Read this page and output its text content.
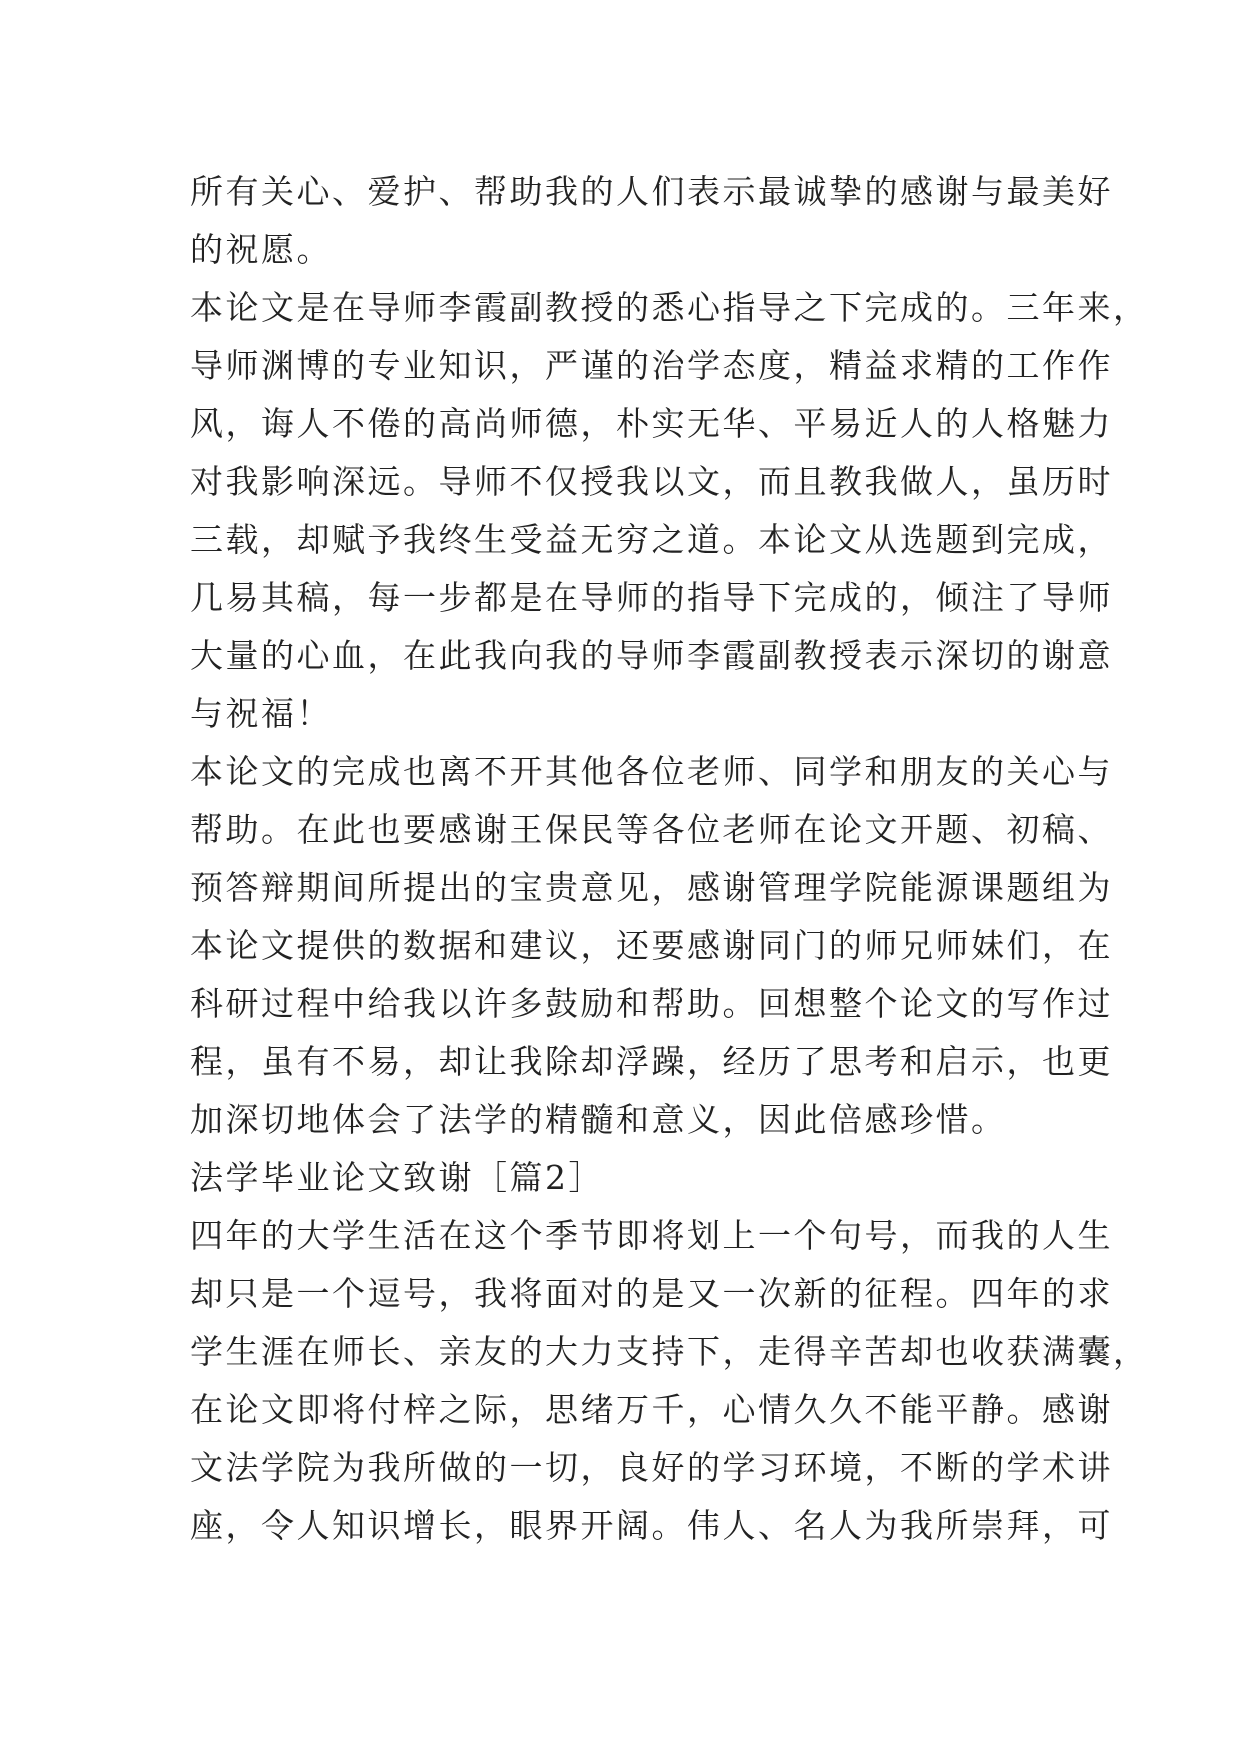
所有关心、爱护、帮助我的人们表示最诚挚的感谢与最美好
的祝愿。
本论文是在导师李霞副教授的悉心指导之下完成的。三年来，
导师渊博的专业知识，严谨的治学态度，精益求精的工作作
风，诲人不倦的高尚师德，朴实无华、平易近人的人格魅力
对我影响深远。导师不仅授我以文，而且教我做人，虽历时
三载，却赋予我终生受益无穷之道。本论文从选题到完成，
几易其稿，每一步都是在导师的指导下完成的，倾注了导师
大量的心血，在此我向我的导师李霞副教授表示深切的谢意
与祝福！
本论文的完成也离不开其他各位老师、同学和朋友的关心与
帮助。在此也要感谢王保民等各位老师在论文开题、初稿、
预答辩期间所提出的宝贵意见，感谢管理学院能源课题组为
本论文提供的数据和建议，还要感谢同门的师兄师妹们，在
科研过程中给我以许多鼓励和帮助。回想整个论文的写作过
程，虽有不易，却让我除却浮躁，经历了思考和启示，也更
加深切地体会了法学的精髓和意义，因此倍感珍惜。
法学毕业论文致谢［篇2］
四年的大学生活在这个季节即将划上一个句号，而我的人生
却只是一个逗号，我将面对的是又一次新的征程。四年的求
学生涯在师长、亲友的大力支持下，走得辛苦却也收获满囊，
在论文即将付梓之际，思绪万千，心情久久不能平静。感谢
文法学院为我所做的一切，良好的学习环境，不断的学术讲
座，令人知识增长，眼界开阔。伟人、名人为我所崇拜，可
